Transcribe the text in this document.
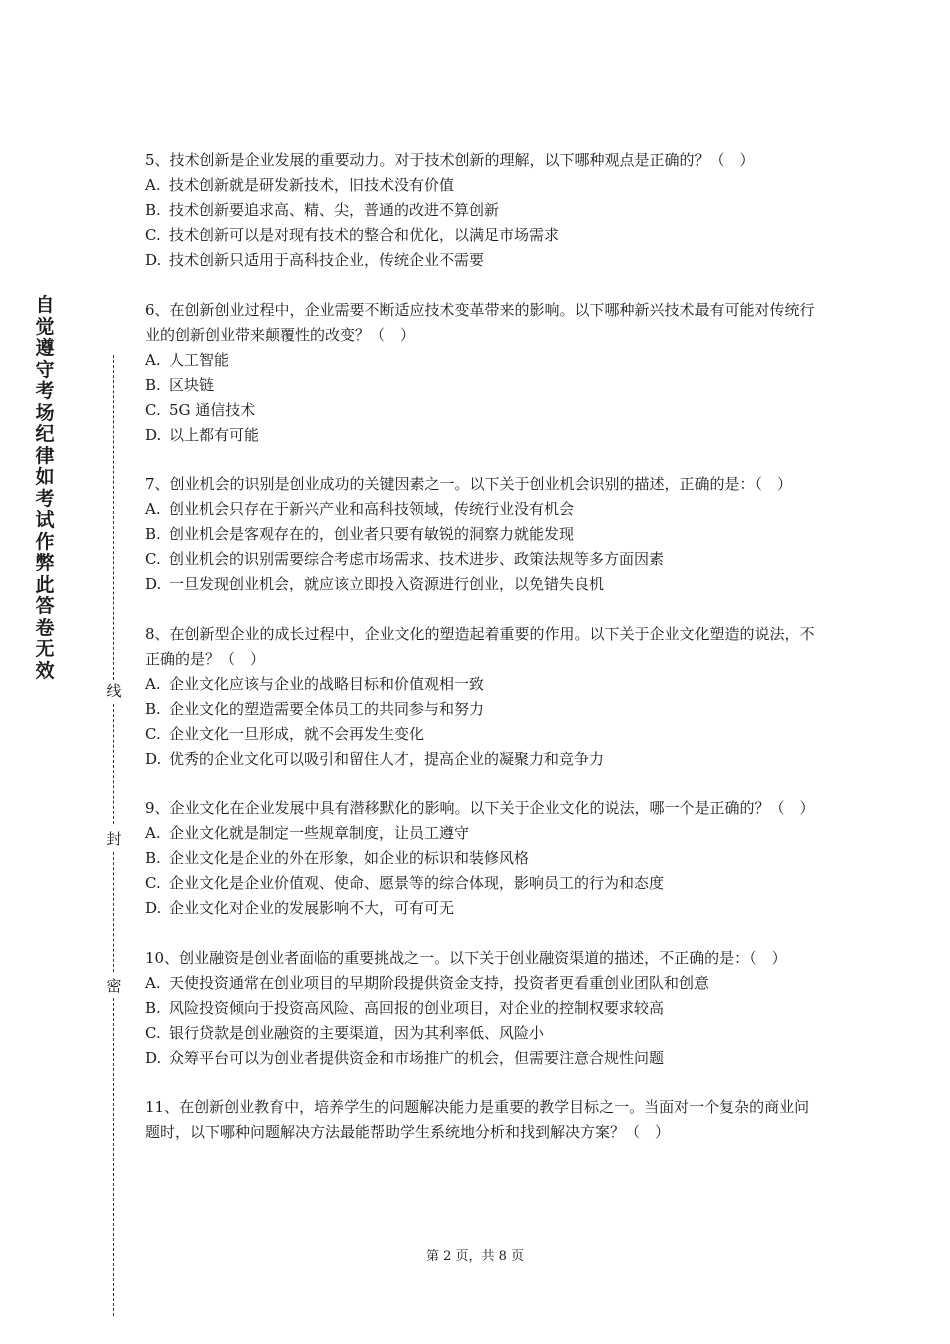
自觉遵守考场纪律如考试作弊此答卷无效
线
封
密

5、技术创新是企业发展的重要动力。对于技术创新的理解，以下哪种观点是正确的？（　）

A. 技术创新就是研发新技术，旧技术没有价值

B. 技术创新要追求高、精、尖，普通的改进不算创新

C. 技术创新可以是对现有技术的整合和优化，以满足市场需求

D. 技术创新只适用于高科技企业，传统企业不需要

6、在创新创业过程中，企业需要不断适应技术变革带来的影响。以下哪种新兴技术最有可能对传统行业的创新创业带来颠覆性的改变？（　）

A. 人工智能

B. 区块链

C. 5G 通信技术

D. 以上都有可能

7、创业机会的识别是创业成功的关键因素之一。以下关于创业机会识别的描述，正确的是：（　）

A. 创业机会只存在于新兴产业和高科技领域，传统行业没有机会

B. 创业机会是客观存在的，创业者只要有敏锐的洞察力就能发现

C. 创业机会的识别需要综合考虑市场需求、技术进步、政策法规等多方面因素

D. 一旦发现创业机会，就应该立即投入资源进行创业，以免错失良机

8、在创新型企业的成长过程中，企业文化的塑造起着重要的作用。以下关于企业文化塑造的说法，不正确的是？（　）

A. 企业文化应该与企业的战略目标和价值观相一致

B. 企业文化的塑造需要全体员工的共同参与和努力

C. 企业文化一旦形成，就不会再发生变化

D. 优秀的企业文化可以吸引和留住人才，提高企业的凝聚力和竞争力

9、企业文化在企业发展中具有潜移默化的影响。以下关于企业文化的说法，哪一个是正确的？（　）

A. 企业文化就是制定一些规章制度，让员工遵守

B. 企业文化是企业的外在形象，如企业的标识和装修风格

C. 企业文化是企业价值观、使命、愿景等的综合体现，影响员工的行为和态度

D. 企业文化对企业的发展影响不大，可有可无

10、创业融资是创业者面临的重要挑战之一。以下关于创业融资渠道的描述，不正确的是：（　）

A. 天使投资通常在创业项目的早期阶段提供资金支持，投资者更看重创业团队和创意

B. 风险投资倾向于投资高风险、高回报的创业项目，对企业的控制权要求较高

C. 银行贷款是创业融资的主要渠道，因为其利率低、风险小

D. 众筹平台可以为创业者提供资金和市场推广的机会，但需要注意合规性问题

11、在创新创业教育中，培养学生的问题解决能力是重要的教学目标之一。当面对一个复杂的商业问题时，以下哪种问题解决方法最能帮助学生系统地分析和找到解决方案？（　）

第 2 页，共 8 页
